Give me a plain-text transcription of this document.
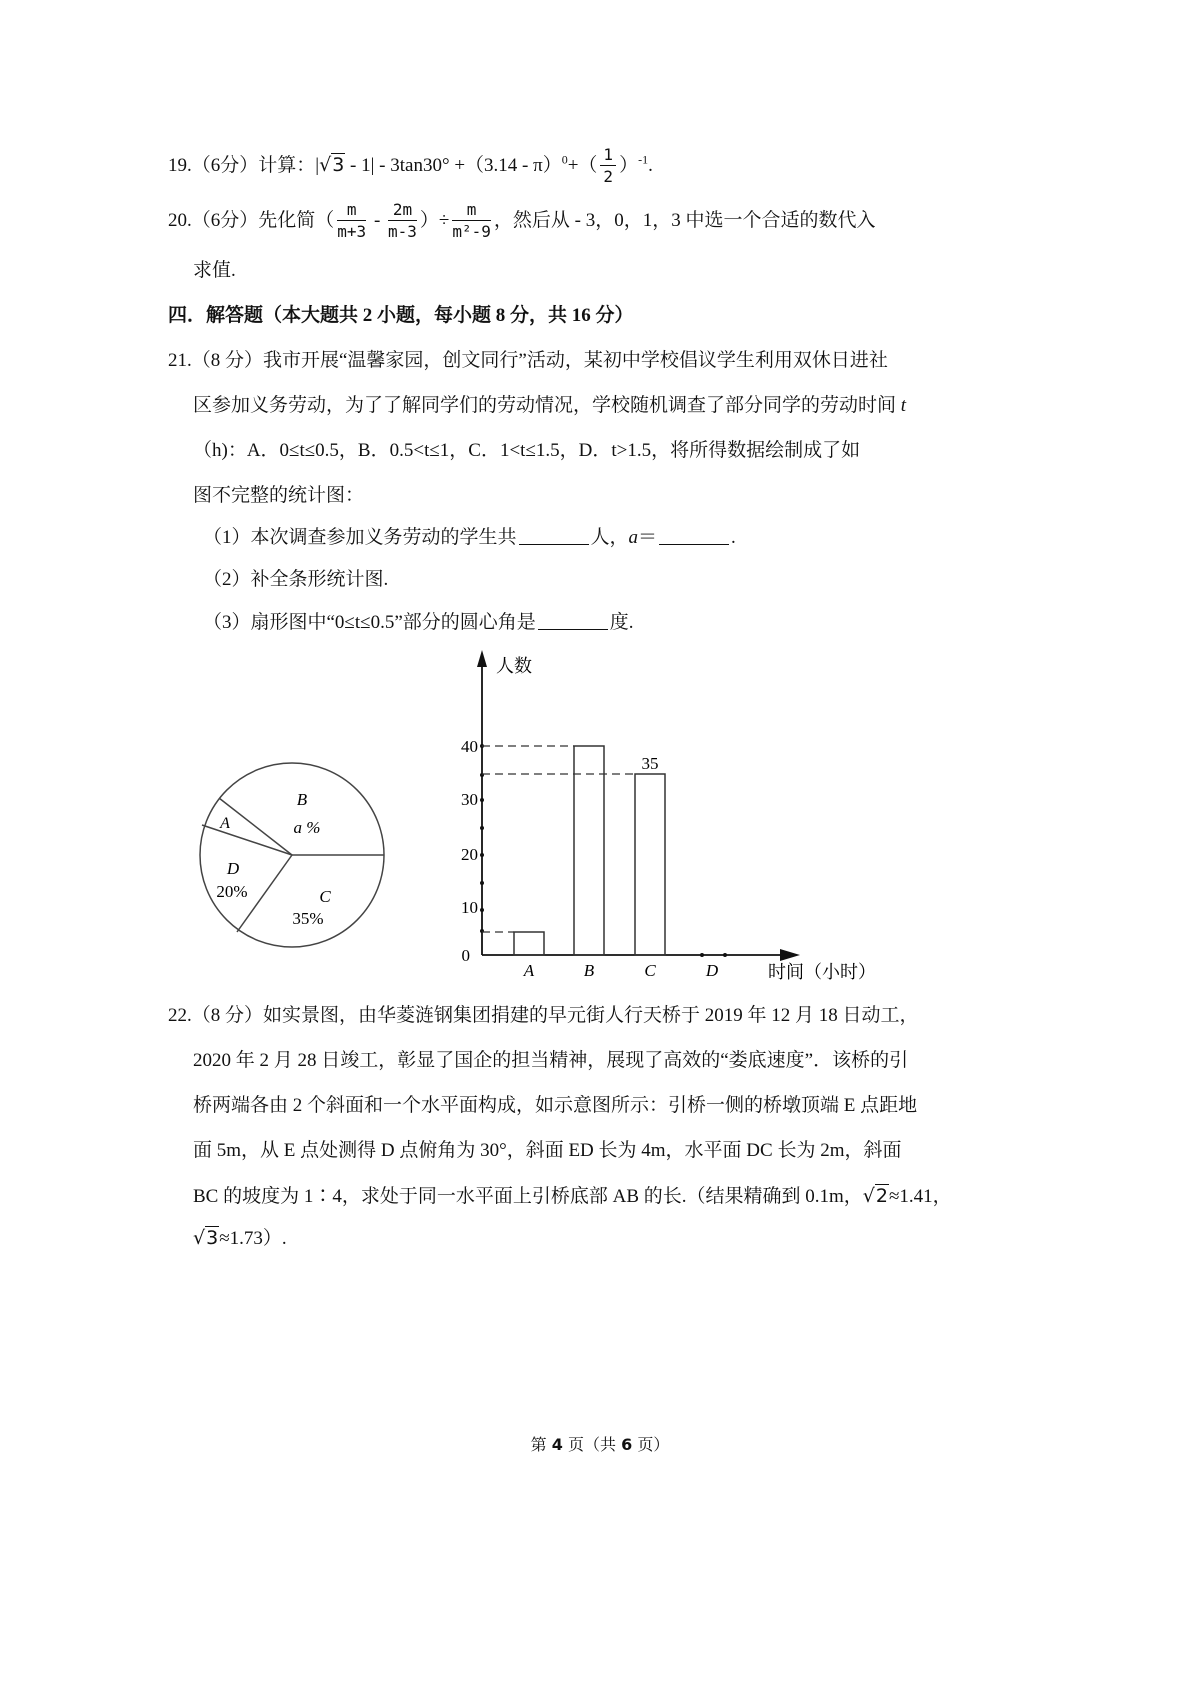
19.（6分）计算：$|√3 - 1| - 3\tan 30^\circ +(3.14 - \pi)^0+( \frac{1}{2} )^{-1}$.
20.（6分）先化简（ $\frac{m}{m+3} - \frac{2m}{m-3}$ ）÷ $\frac{m}{\text{m²-9}}$ ，然后从 - 3，0，1，3 中选一个合适的数代入
求值.
四．解答题（本大题共 2 小题，每小题 8 分，共 16 分）
21.（8 分）我市开展“温馨家园，创文同行”活动，某初中学校倡议学生利用双休日进社
区参加义务劳动，为了了解同学们的劳动情况，学校随机调查了部分同学的劳动时间 t
（h)：A．0≤t≤0.5，B．0.5<t≤1，C．1<t≤1.5，D．t>1.5，将所得数据绘制成了如
图不完整的统计图：
（1）本次调查参加义务劳动的学生共	人，a＝	.
（2）补全条形统计图.
（3）扇形图中“0≤t≤0.5”部分的圆心角是	度.
B
a %
C
35%
D
20%
A
人数
时间（小时）
0
10
20
30
40
35
A	B	C	D
22.（8 分）如实景图，由华菱涟钢集团捐建的早元街人行天桥于 2019 年 12 月 18 日动工，
2020 年 2 月 28 日竣工，彰显了国企的担当精神，展现了高效的“娄底速度”．该桥的引
桥两端各由 2 个斜面和一个水平面构成，如示意图所示：引桥一侧的桥墩顶端 E 点距地
面 5m，从 E 点处测得 D 点俯角为 30°，斜面 ED 长为 4m，水平面 DC 长为 2m，斜面
BC 的坡度为 1∶4，求处于同一水平面上引桥底部 AB 的长.（结果精确到 0.1m，√2≈1.41，
√3≈1.73）.
第 4 页（共 6 页）
